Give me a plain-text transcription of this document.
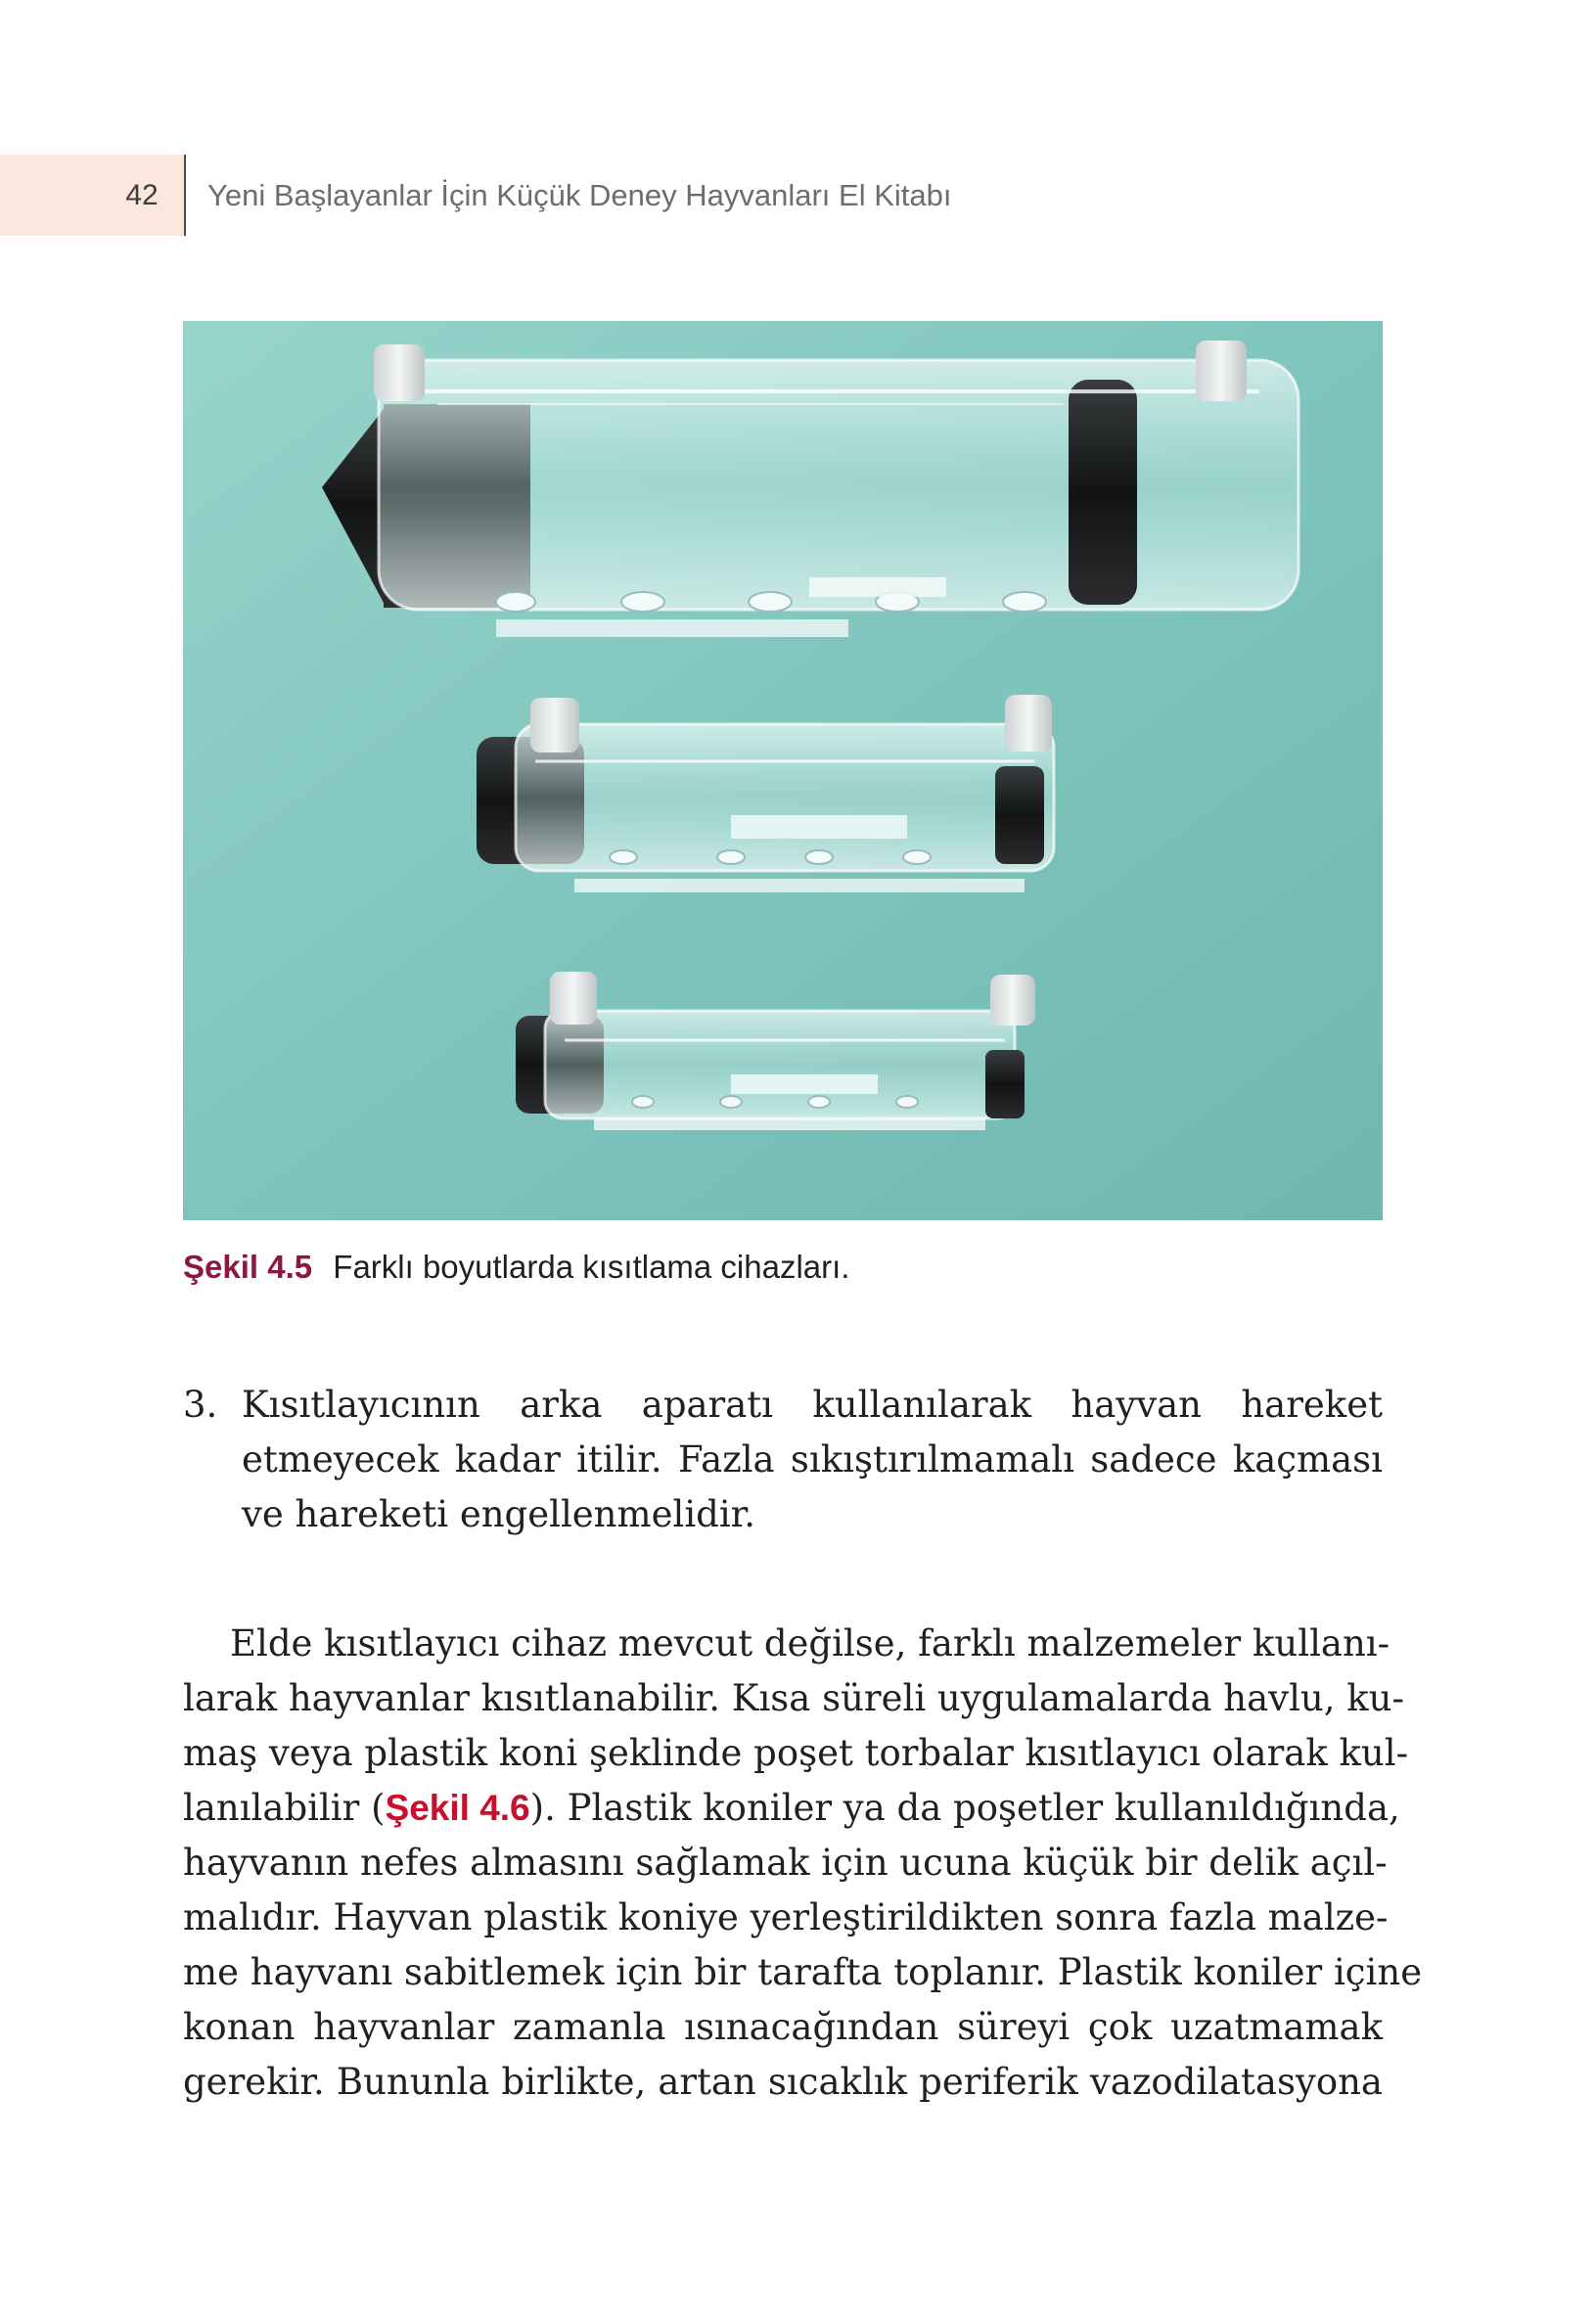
42	Yeni Başlayanlar İçin Küçük Deney Hayvanları El Kitabı
Şekil 4.5 Farklı boyutlarda kısıtlama cihazları.
3. Kısıtlayıcının arka aparatı kullanılarak hayvan hareket etmeyecek kadar itilir. Fazla sıkıştırılmamalı sadece kaçması ve hareketi engellenmelidir.
Elde kısıtlayıcı cihaz mevcut değilse, farklı malzemeler kullanı-
larak hayvanlar kısıtlanabilir. Kısa süreli uygulamalarda havlu, ku-
maş veya plastik koni şeklinde poşet torbalar kısıtlayıcı olarak kul-
lanılabilir (Şekil 4.6). Plastik koniler ya da poşetler kullanıldığında,
hayvanın nefes almasını sağlamak için ucuna küçük bir delik açıl-
malıdır. Hayvan plastik koniye yerleştirildikten sonra fazla malze-
me hayvanı sabitlemek için bir tarafta toplanır. Plastik koniler içine
konan hayvanlar zamanla ısınacağından süreyi çok uzatmamak
gerekir. Bununla birlikte, artan sıcaklık periferik vazodilatasyona
